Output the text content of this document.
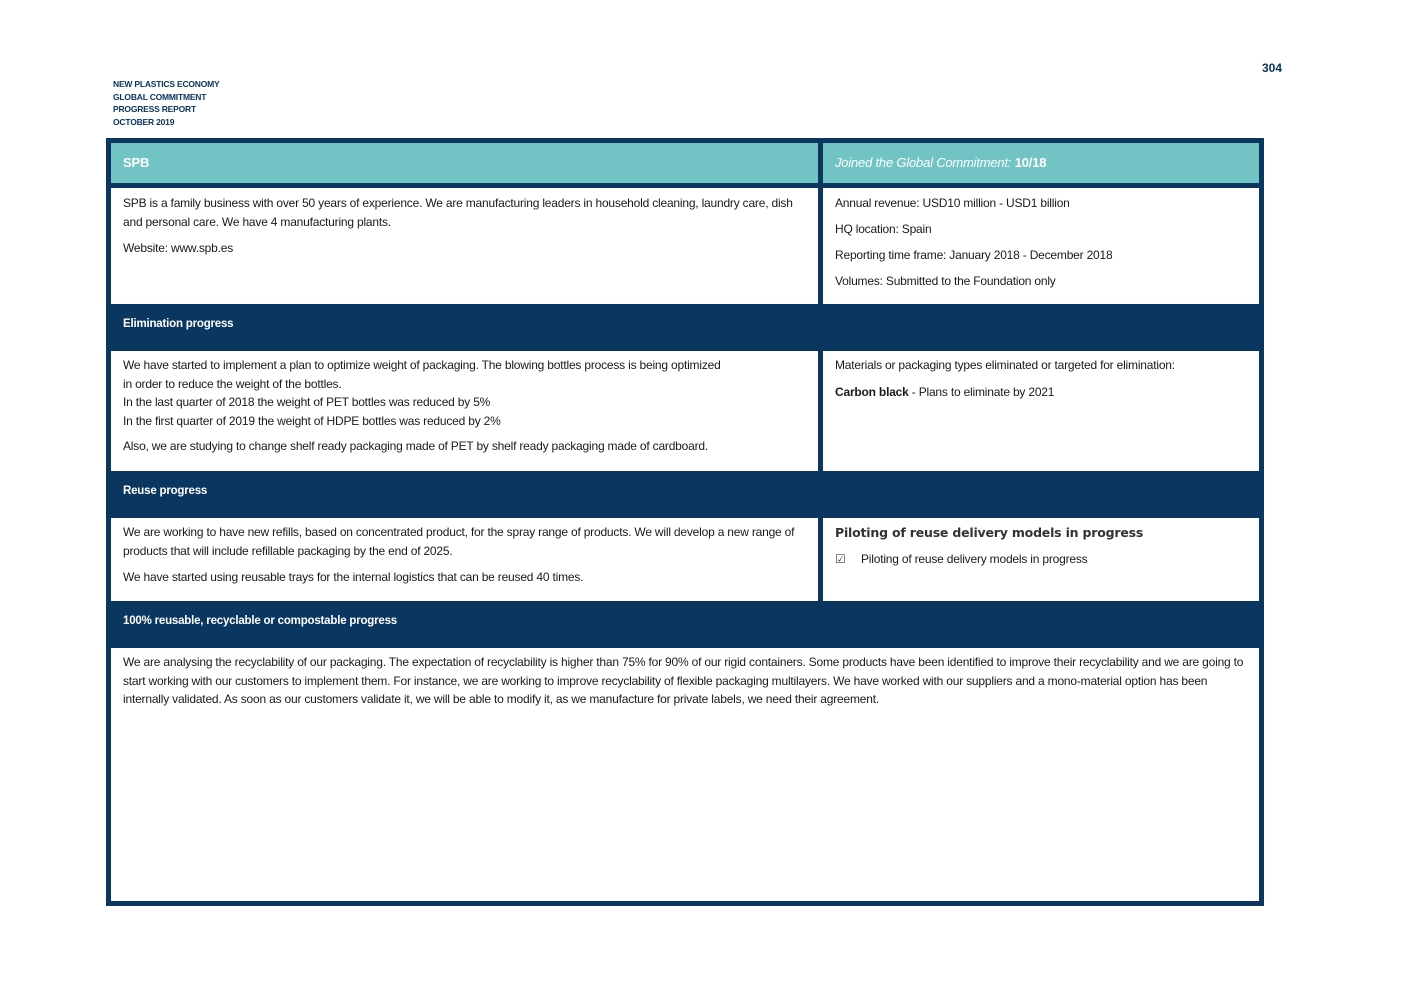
NEW PLASTICS ECONOMY
GLOBAL COMMITMENT
PROGRESS REPORT
OCTOBER 2019
304
SPB	Joined the Global Commitment: 10/18

SPB is a family business with over 50 years of experience. We are manufacturing leaders in household cleaning, laundry care, dish and personal care. We have 4 manufacturing plants.

Website: www.spb.es

Annual revenue: USD10 million - USD1 billion

HQ location: Spain

Reporting time frame: January 2018 - December 2018

Volumes: Submitted to the Foundation only

Elimination progress
We have started to implement a plan to optimize weight of packaging. The blowing bottles process is being optimized
in order to reduce the weight of the bottles.
In the last quarter of 2018 the weight of PET bottles was reduced by 5%
In the first quarter of 2019 the weight of HDPE bottles was reduced by 2%

Also, we are studying to change shelf ready packaging made of PET by shelf ready packaging made of cardboard.

Materials or packaging types eliminated or targeted for elimination:

Carbon black - Plans to eliminate by 2021

Reuse progress

We are working to have new refills, based on concentrated product, for the spray range of products. We will develop a new range of products that will include refillable packaging by the end of 2025.

We have started using reusable trays for the internal logistics that can be reused 40 times.

Piloting of reuse delivery models in progress
☑	Piloting of reuse delivery models in progress
100% reusable, recyclable or compostable progress

We are analysing the recyclability of our packaging. The expectation of recyclability is higher than 75% for 90% of our rigid containers. Some products have been identified to improve their recyclability and we are going to start working with our customers to implement them. For instance, we are working to improve recyclability of flexible packaging multilayers. We have worked with our suppliers and a mono-material option has been internally validated. As soon as our customers validate it, we will be able to modify it, as we manufacture for private labels, we need their agreement.
